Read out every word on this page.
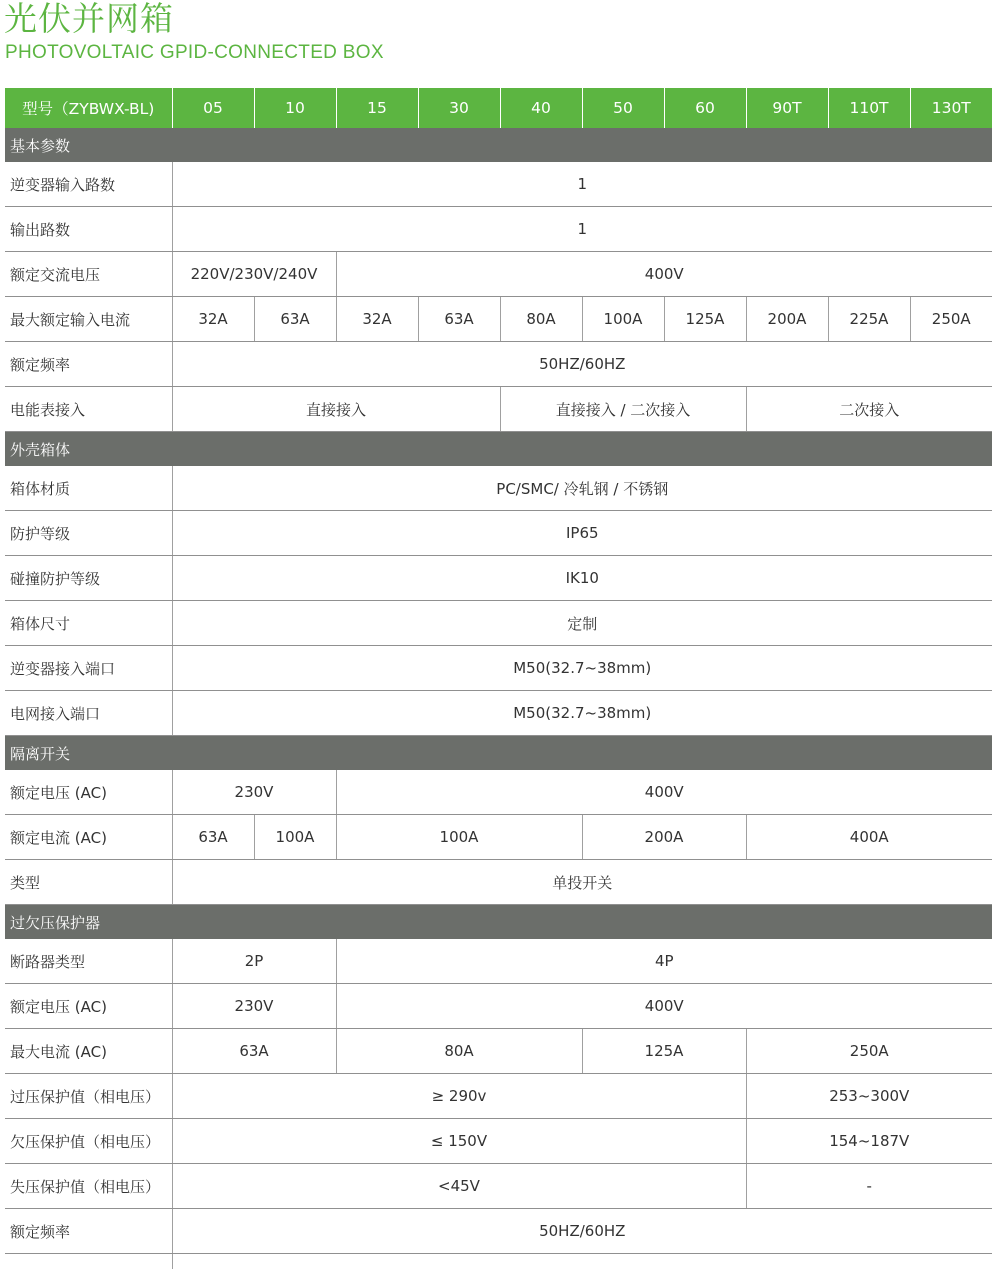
光伏并网箱
PHOTOVOLTAIC GPID-CONNECTED BOX
型号（ZYBWX-BL)	05	10	15	30	40	50	60	90T	110T	130T
基本参数										
逆变器输入路数	1									
输出路数	1									
额定交流电压	220V/230V/240V		400V							
最大额定输入电流	32A	63A	32A	63A	80A	100A	125A	200A	225A	250A
额定频率	50HZ/60HZ									
电能表接入	直接接入				直接接入 / 二次接入			二次接入		
外壳箱体										
箱体材质	PC/SMC/ 冷轧钢 / 不锈钢									
防护等级	IP65									
碰撞防护等级	IK10									
箱体尺寸	定制									
逆变器接入端口	M50(32.7~38mm)									
电网接入端口	M50(32.7~38mm)									
隔离开关										
额定电压 (AC)	230V		400V							
额定电流 (AC)	63A	100A	100A			200A		400A		
类型	单投开关									
过欠压保护器										
断路器类型	2P		4P							
额定电压 (AC)	230V		400V							
最大电流 (AC)	63A		80A			125A		250A		
过压保护值（相电压）	≥ 290v							253~300V		
欠压保护值（相电压）	≤ 150V							154~187V		
失压保护值（相电压）	<45V							-		
额定频率	50HZ/60HZ									
